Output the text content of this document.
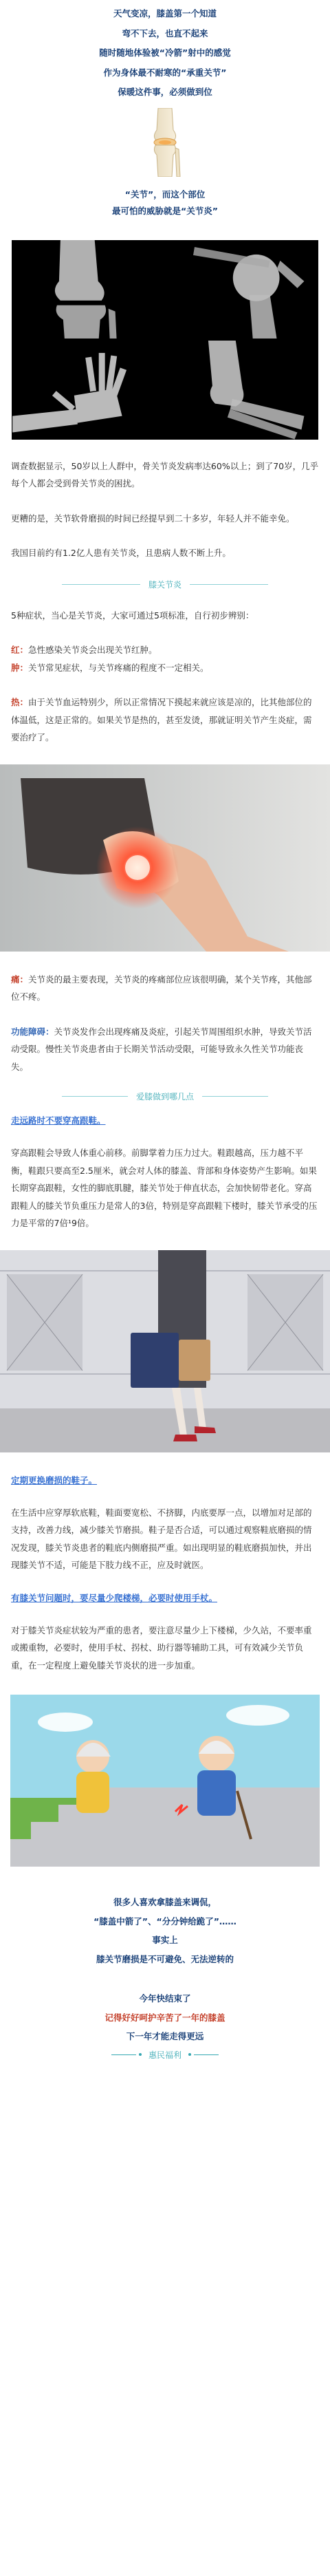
天气变凉，膝盖第一个知道
弯不下去，也直不起来
随时随地体验被“冷箭”射中的感觉
作为身体最不耐寒的“承重关节”
保暖这件事，必须做到位
“关节”，而这个部位
最可怕的威胁就是“关节炎”

调查数据显示，50岁以上人群中，骨关节炎发病率达60%以上；到了70岁，几乎每个人都会受到骨关节炎的困扰。

更糟的是，关节软骨磨损的时间已经提早到二十多岁，年轻人并不能幸免。

我国目前约有1.2亿人患有关节炎，且患病人数不断上升。

膝关节炎

5种症状，当心是关节炎，大家可通过5项标准，自行初步辨别：

红：急性感染关节炎会出现关节红肿。

肿：关节常见症状，与关节疼痛的程度不一定相关。

热：由于关节血运特别少，所以正常情况下摸起来就应该是凉的，比其他部位的体温低，这是正常的。如果关节是热的，甚至发烫，那就证明关节产生炎症，需要治疗了。

痛：关节炎的最主要表现，关节炎的疼痛部位应该很明确，某个关节疼，其他部位不疼。

功能障碍：关节炎发作会出现疼痛及炎症，引起关节周围组织水肿，导致关节活动受限。慢性关节炎患者由于长期关节活动受限，可能导致永久性关节功能丧失。

爱膝做到哪几点
走远路时不要穿高跟鞋。

穿高跟鞋会导致人体重心前移。前脚掌着力压力过大。鞋跟越高，压力越不平衡，鞋跟只要高至2.5厘米，就会对人体的膝盖、背部和身体姿势产生影响。如果长期穿高跟鞋，女性的脚底肌腱，膝关节处于伸直状态，会加快韧带老化。穿高跟鞋人的膝关节负重压力是常人的3倍，特别是穿高跟鞋下楼时，膝关节承受的压力是平常的7倍¹9倍。

定期更换磨损的鞋子。

在生活中应穿厚软底鞋，鞋面要宽松、不挤脚，内底要厚一点，以增加对足部的支持，改善力线，减少膝关节磨损。鞋子是否合适，可以通过观察鞋底磨损的情况发现，膝关节炎患者的鞋底内侧磨损严重。如出现明显的鞋底磨损加快，并出现膝关节不适，可能是下肢力线不正，应及时就医。

有膝关节问题时，要尽量少爬楼梯，必要时使用手杖。

对于膝关节炎症状较为严重的患者，要注意尽量少上下楼梯，少久站，不要率重或搬重物，必要时，使用手杖、拐杖、助行器等辅助工具，可有效减少关节负重，在一定程度上避免膝关节炎状的进一步加重。

很多人喜欢拿膝盖来调侃，
“膝盖中箭了”、“分分钟给跪了”……
事实上
膝关节磨损是不可避免、无法逆转的
今年快结束了
记得好好呵护辛苦了一年的膝盖
下一年才能走得更远
惠民福利
